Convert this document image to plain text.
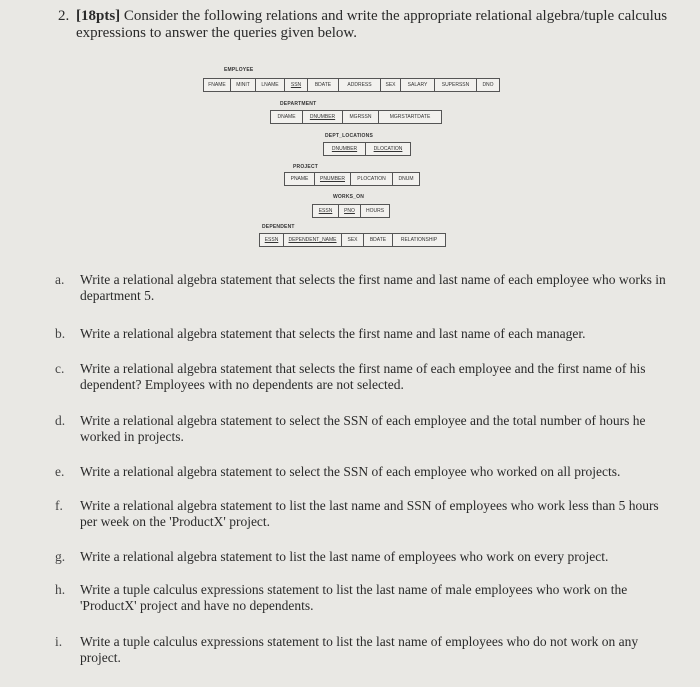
2. [18pts] Consider the following relations and write the appropriate relational algebra/tuple calculus
expressions to answer the queries given below.
EMPLOYEE
FNAME	MINIT	LNAME	SSN	BDATE	ADDRESS	SEX	SALARY	SUPERSSN	DNO
DEPARTMENT
DNAME	DNUMBER	MGRSSN	MGRSTARTDATE
DEPT_LOCATIONS
DNUMBER	DLOCATION
PROJECT
PNAME	PNUMBER	PLOCATION	DNUM
WORKS_ON
ESSN	PNO	HOURS
DEPENDENT
ESSN	DEPENDENT_NAME	SEX	BDATE	RELATIONSHIP
a.	Write a relational algebra statement that selects the first name and last name of each employee who works in department 5.
b.	Write a relational algebra statement that selects the first name and last name of each manager.
c.	Write a relational algebra statement that selects the first name of each employee and the first name of his dependent? Employees with no dependents are not selected.
d.	Write a relational algebra statement to select the SSN of each employee and the total number of hours he worked in projects.
e.	Write a relational algebra statement to select the SSN of each employee who worked on all projects.
f.	Write a relational algebra statement to list the last name and SSN of employees who work less than 5 hours per week on the 'ProductX' project.
g.	Write a relational algebra statement to list the last name of employees who work on every project.
h.	Write a tuple calculus expressions statement to list the last name of male employees who work on the 'ProductX' project and have no dependents.
i.	Write a tuple calculus expressions statement to list the last name of employees who do not work on any project.
